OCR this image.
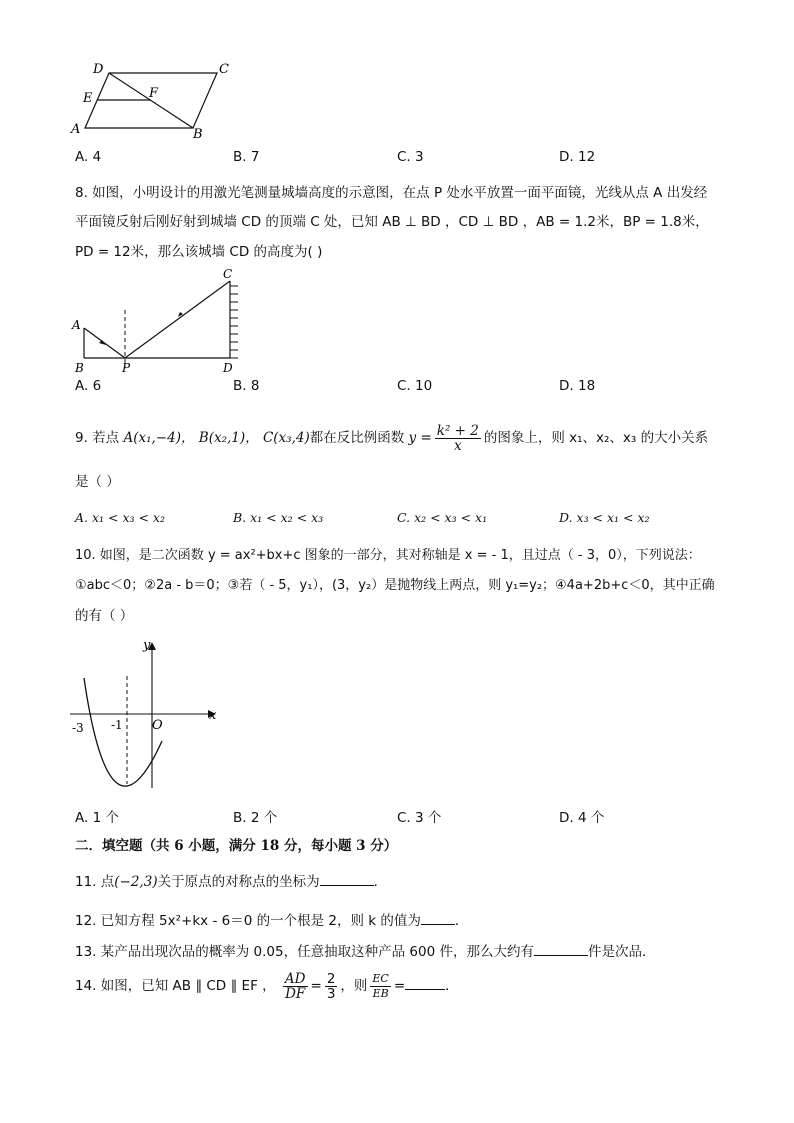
D	C
E	F
A	B
A. 4	B. 7	C. 3	D. 12
8. 如图，小明设计的用激光笔测量城墙高度的示意图，在点 P 处水平放置一面平面镜，光线从点 A 出发经
平面镜反射后刚好射到城墙 CD 的顶端 C 处，已知 AB ⊥ BD ，CD ⊥ BD ，AB = 1.2米，BP = 1.8米，
PD = 12米，那么该城墙 CD 的高度为( )
C
A
B	P	D
A. 6	B. 8	C. 10	D. 18
9. 若点 A(x₁,−4)， B(x₂,1)， C(x₃,4)都在反比例函数 $y = \frac{\text{k² + 2}}{x}$ 的图象上，则 x₁、x₂、x₃ 的大小关系
是（ ）
A. x₁ < x₃ < x₂	B. x₁ < x₂ < x₃	C. x₂ < x₃ < x₁	D. x₃ < x₁ < x₂
10. 如图，是二次函数 y = ax²+bx+c 图象的一部分，其对称轴是 x = - 1，且过点（ - 3，0），下列说法：
①abc＜0；②2a - b＝0；③若（ - 5，y₁），(3，y₂）是抛物线上两点，则 y₁=y₂；④4a+2b+c＜0，其中正确
的有（ ）
y
x
-3 -1 O
A. 1 个	B. 2 个	C. 3 个	D. 4 个
二．填空题（共 6 小题，满分 18 分，每小题 3 分）
11. 点(−2,3)关于原点的对称点的坐标为	．
12. 已知方程 5x²+kx - 6＝0 的一个根是 2，则 k 的值为	．
13. 某产品出现次品的概率为 0.05，任意抽取这种产品 600 件，那么大约有	件是次品．
14. 如图，已知 AB ∥ CD ∥ EF ， $\frac{AD}{DF} = \frac{2}{3}$ ，则 $\frac{EC}{EB}$ =	．
